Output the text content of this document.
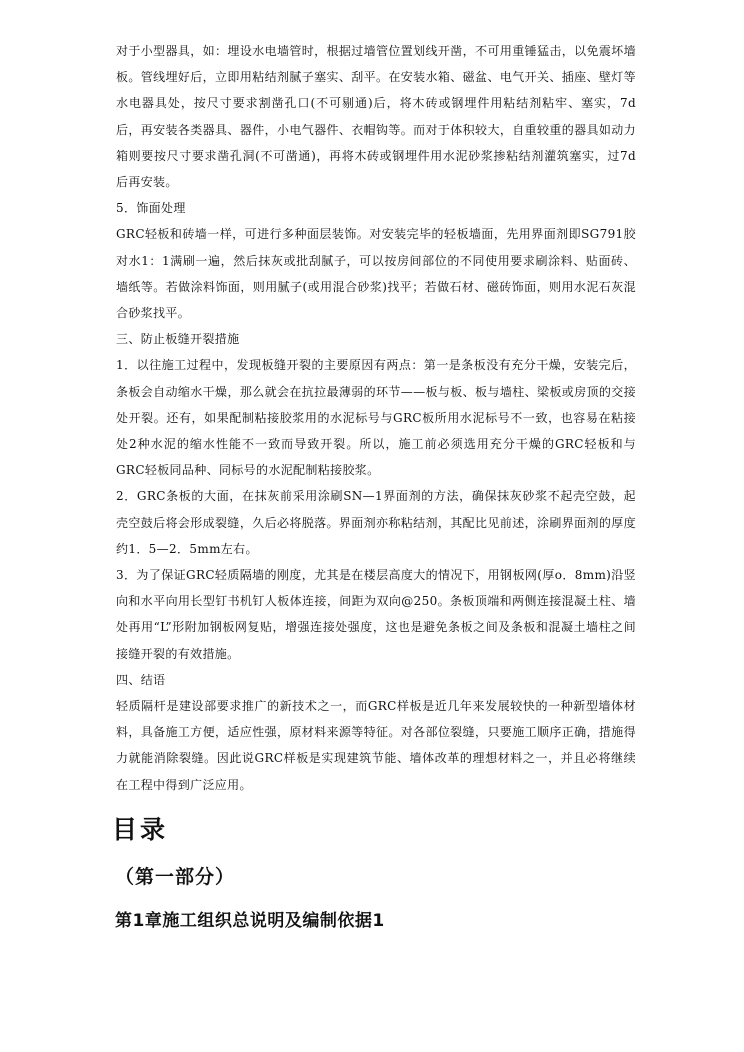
对于小型器具，如：埋设水电墙管时，根据过墙管位置划线开凿，不可用重锤猛击，以免震坏墙板。管线埋好后，立即用粘结剂腻子塞实、刮平。在安装水箱、磁盆、电气开关、插座、壁灯等水电器具处，按尺寸要求割凿孔口(不可剔通)后，将木砖或钢埋件用粘结剂粘牢、塞实，7d后，再安装各类器具、器件，小电气器件、衣帽钩等。而对于体积较大，自重较重的器具如动力箱则要按尺寸要求凿孔洞(不可凿通)，再将木砖或钢埋件用水泥砂浆掺粘结剂灌筑塞实，过7d后再安装。

5．饰面处理

GRC轻板和砖墙一样，可进行多种面层装饰。对安装完毕的轻板墙面，先用界面剂即SG791胶对水1：1满刷一遍，然后抹灰或批刮腻子，可以按房间部位的不同使用要求刷涂料、贴面砖、墙纸等。若做涂料饰面，则用腻子(或用混合砂浆)找平；若做石材、磁砖饰面，则用水泥石灰混合砂浆找平。

三、防止板缝开裂措施

1．以往施工过程中，发现板缝开裂的主要原因有两点：第一是条板没有充分干燥，安装完后，条板会自动缩水干燥，那么就会在抗拉最薄弱的环节——板与板、板与墙柱、梁板或房顶的交接处开裂。还有，如果配制粘接胶浆用的水泥标号与GRC板所用水泥标号不一致，也容易在粘接处2种水泥的缩水性能不一致而导致开裂。所以，施工前必须选用充分干燥的GRC轻板和与GRC轻板同品种、同标号的水泥配制粘接胶浆。

2．GRC条板的大面，在抹灰前采用涂刷SN—1界面剂的方法，确保抹灰砂浆不起壳空鼓，起壳空鼓后将会形成裂缝，久后必将脱落。界面剂亦称粘结剂，其配比见前述，涂刷界面剂的厚度约1．5—2．5mm左右。

3．为了保证GRC轻质隔墙的刚度，尤其是在楼层高度大的情况下，用钢板网(厚o．8mm)沿竖向和水平向用长型钉书机钉人板体连接，间距为双向@250。条板顶端和两侧连接混凝土柱、墙处再用“L”形附加钢板网复贴，增强连接处强度，这也是避免条板之间及条板和混凝土墙柱之间接缝开裂的有效措施。

四、结语

轻质隔杆是建设部要求推广的新技术之一，而GRC样板是近几年来发展较快的一种新型墙体材料，具备施工方便，适应性强，原材料来源等特征。对各部位裂缝，只要施工顺序正确，措施得力就能消除裂缝。因此说GRC样板是实现建筑节能、墙体改革的理想材料之一，并且必将继续在工程中得到广泛应用。

目录
（第一部分）
第1章施工组织总说明及编制依据1
